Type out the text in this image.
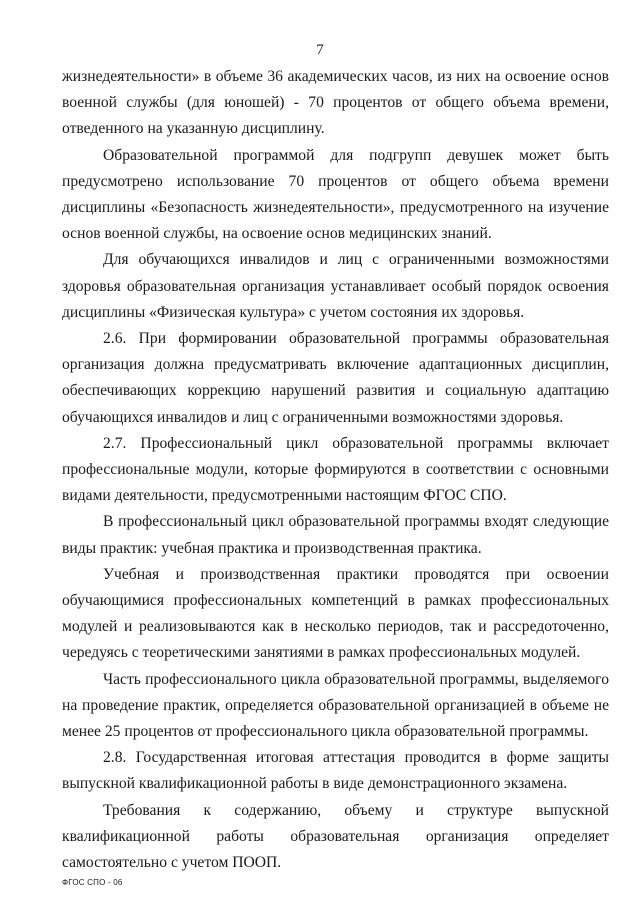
7

жизнедеятельности» в объеме 36 академических часов, из них на освоение основ военной службы (для юношей) - 70 процентов от общего объема времени, отведенного на указанную дисциплину.

Образовательной программой для подгрупп девушек может быть предусмотрено использование 70 процентов от общего объема времени дисциплины «Безопасность жизнедеятельности», предусмотренного на изучение основ военной службы, на освоение основ медицинских знаний.

Для обучающихся инвалидов и лиц с ограниченными возможностями здоровья образовательная организация устанавливает особый порядок освоения дисциплины «Физическая культура» с учетом состояния их здоровья.

2.6. При формировании образовательной программы образовательная организация должна предусматривать включение адаптационных дисциплин, обеспечивающих коррекцию нарушений развития и социальную адаптацию обучающихся инвалидов и лиц с ограниченными возможностями здоровья.

2.7. Профессиональный цикл образовательной программы включает профессиональные модули, которые формируются в соответствии с основными видами деятельности, предусмотренными настоящим ФГОС СПО.

В профессиональный цикл образовательной программы входят следующие виды практик: учебная практика и производственная практика.

Учебная и производственная практики проводятся при освоении обучающимися профессиональных компетенций в рамках профессиональных модулей и реализовываются как в несколько периодов, так и рассредоточенно, чередуясь с теоретическими занятиями в рамках профессиональных модулей.

Часть профессионального цикла образовательной программы, выделяемого на проведение практик, определяется образовательной организацией в объеме не менее 25 процентов от профессионального цикла образовательной программы.

2.8. Государственная итоговая аттестация проводится в форме защиты выпускной квалификационной работы в виде демонстрационного экзамена.

Требования к содержанию, объему и структуре выпускной квалификационной работы образовательная организация определяет самостоятельно с учетом ПООП.

ФГОС СПО - 06
